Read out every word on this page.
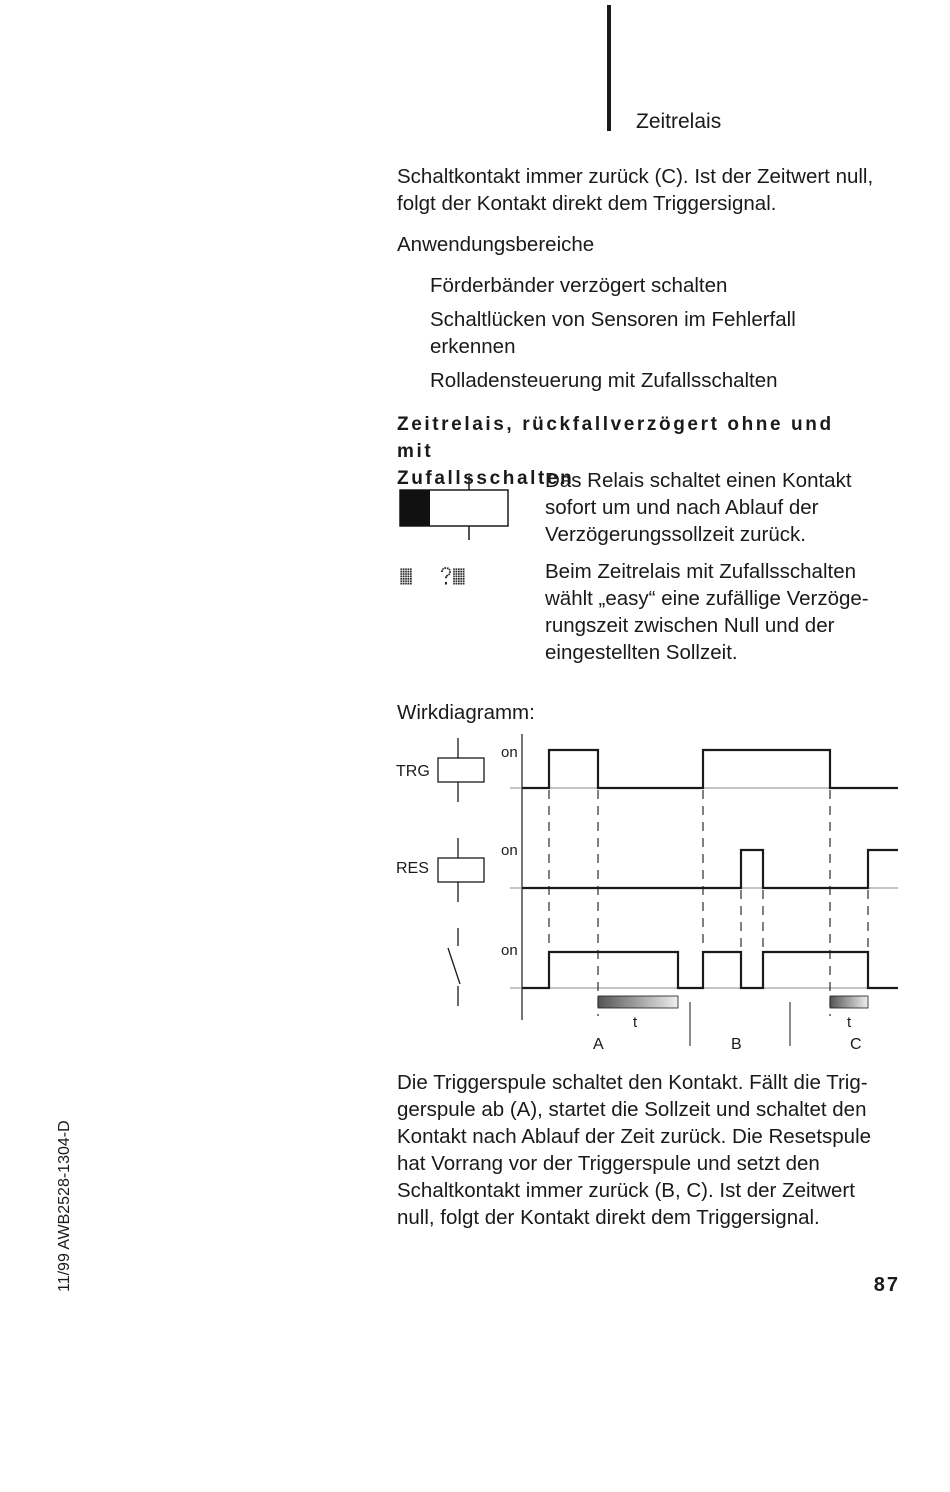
Zeitrelais

Schaltkontakt immer zurück (C). Ist der Zeitwert null,

folgt der Kontakt direkt dem Triggersignal.

Anwendungsbereiche

Förderbänder verzögert schalten

Schaltlücken von Sensoren im Fehlerfall

erkennen

Rolladensteuerung mit Zufallsschalten

Zeitrelais, rückfallverzögert ohne und mit
Zufallsschalten

Das Relais schaltet einen Kontakt

sofort um und nach Ablauf der

Verzögerungssollzeit zurück.

Beim Zeitrelais mit Zufallsschalten

wählt „easy“ eine zufällige Verzöge-

rungszeit zwischen Null und der

eingestellten Sollzeit.

Wirkdiagramm:

TRG
on
RES
on
on
t	t
A	B	C

Die Triggerspule schaltet den Kontakt. Fällt die Trig-

gerspule ab (A), startet die Sollzeit und schaltet den

Kontakt nach Ablauf der Zeit zurück. Die Resetspule

hat Vorrang vor der Triggerspule und setzt den

Schaltkontakt immer zurück (B, C). Ist der Zeitwert

null, folgt der Kontakt direkt dem Triggersignal.

11/99 AWB2528-1304-D	87
